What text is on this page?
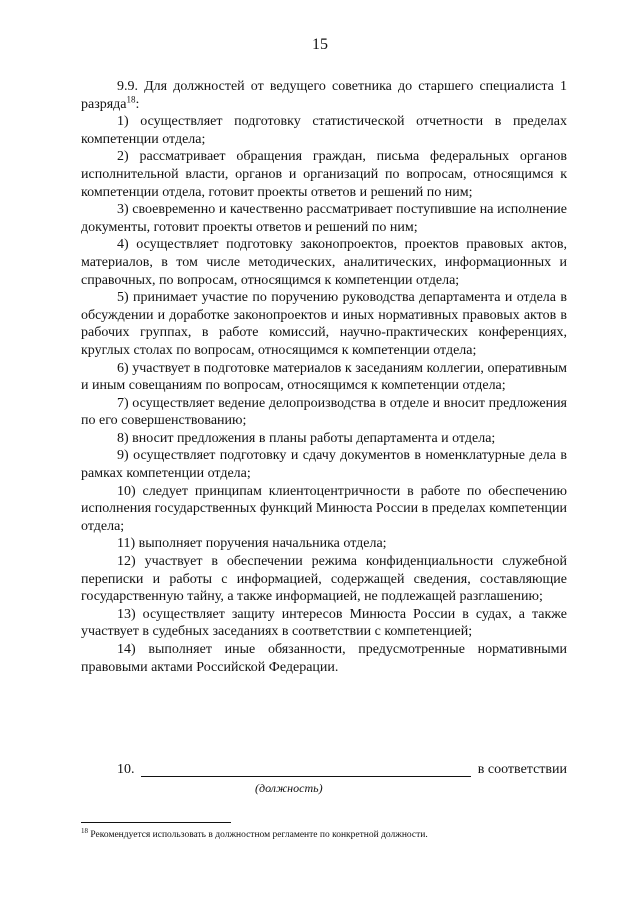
15

9.9. Для должностей от ведущего советника до старшего специалиста 1 разряда$^{18}$:

1) осуществляет подготовку статистической отчетности в пределах компетенции отдела;

2) рассматривает обращения граждан, письма федеральных органов исполнительной власти, органов и организаций по вопросам, относящимся к компетенции отдела, готовит проекты ответов и решений по ним;

3) своевременно и качественно рассматривает поступившие на исполнение документы, готовит проекты ответов и решений по ним;

4) осуществляет подготовку законопроектов, проектов правовых актов, материалов, в том числе методических, аналитических, информационных и справочных, по вопросам, относящимся к компетенции отдела;

5) принимает участие по поручению руководства департамента и отдела в обсуждении и доработке законопроектов и иных нормативных правовых актов в рабочих группах, в работе комиссий, научно-практических конференциях, круглых столах по вопросам, относящимся к компетенции отдела;

6) участвует в подготовке материалов к заседаниям коллегии, оперативным и иным совещаниям по вопросам, относящимся к компетенции отдела;

7) осуществляет ведение делопроизводства в отделе и вносит предложения по его совершенствованию;

8) вносит предложения в планы работы департамента и отдела;

9) осуществляет подготовку и сдачу документов в номенклатурные дела в рамках компетенции отдела;

10) следует принципам клиентоцентричности в работе по обеспечению исполнения государственных функций Минюста России в пределах компетенции отдела;

11) выполняет поручения начальника отдела;

12) участвует в обеспечении режима конфиденциальности служебной переписки и работы с информацией, содержащей сведения, составляющие государственную тайну, а также информацией, не подлежащей разглашению;

13) осуществляет защиту интересов Минюста России в судах, а также участвует в судебных заседаниях в соответствии с компетенцией;

14) выполняет иные обязанности, предусмотренные нормативными правовыми актами Российской Федерации.

10.	в соответствии
(должность)
$^{18}$ Рекомендуется использовать в должностном регламенте по конкретной должности.
